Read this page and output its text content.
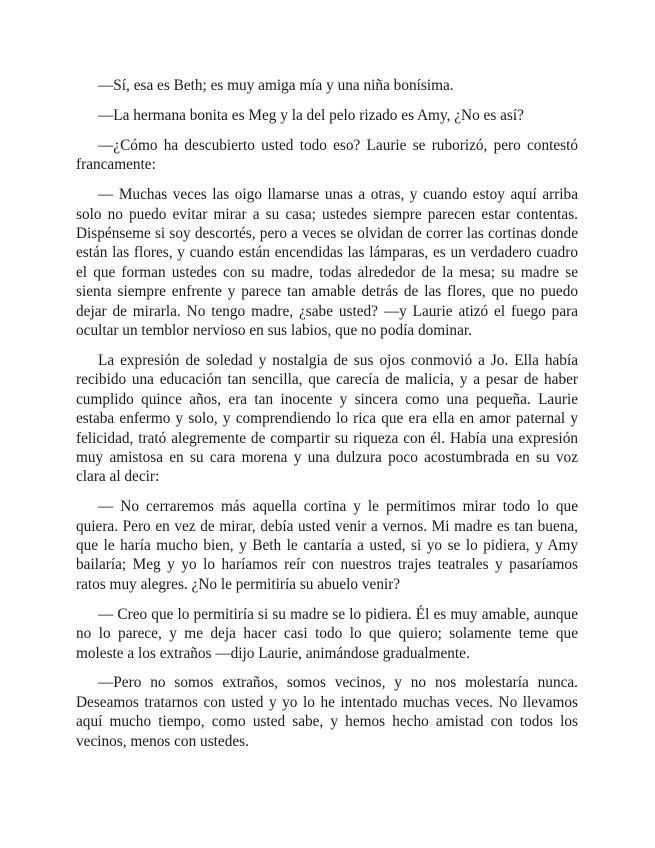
—Sí, esa es Beth; es muy amiga mía y una niña bonísima.

—La hermana bonita es Meg y la del pelo rizado es Amy, ¿No es así?

—¿Cómo ha descubierto usted todo eso? Laurie se ruborizó, pero contestó francamente:

— Muchas veces las oigo llamarse unas a otras, y cuando estoy aquí arriba solo no puedo evitar mirar a su casa; ustedes siempre parecen estar contentas. Dispénseme si soy descortés, pero a veces se olvidan de correr las cortinas donde están las flores, y cuando están encendidas las lámparas, es un verdadero cuadro el que forman ustedes con su madre, todas alrededor de la mesa; su madre se sienta siempre enfrente y parece tan amable detrás de las flores, que no puedo dejar de mirarla. No tengo madre, ¿sabe usted? —y Laurie atizó el fuego para ocultar un temblor nervioso en sus labios, que no podía dominar.

La expresión de soledad y nostalgia de sus ojos conmovió a Jo. Ella había recibido una educación tan sencilla, que carecía de malicia, y a pesar de haber cumplido quince años, era tan inocente y sincera como una pequeña. Laurie estaba enfermo y solo, y comprendiendo lo rica que era ella en amor paternal y felicidad, trató alegremente de compartir su riqueza con él. Había una expresión muy amistosa en su cara morena y una dulzura poco acostumbrada en su voz clara al decir:

— No cerraremos más aquella cortina y le permitimos mirar todo lo que quiera. Pero en vez de mirar, debía usted venir a vernos. Mi madre es tan buena, que le haría mucho bien, y Beth le cantaría a usted, si yo se lo pidiera, y Amy bailaría; Meg y yo lo haríamos reír con nuestros trajes teatrales y pasaríamos ratos muy alegres. ¿No le permitiría su abuelo venir?

— Creo que lo permitiría si su madre se lo pidiera. Él es muy amable, aunque no lo parece, y me deja hacer casi todo lo que quiero; solamente teme que moleste a los extraños —dijo Laurie, animándose gradualmente.

—Pero no somos extraños, somos vecinos, y no nos molestaría nunca. Deseamos tratarnos con usted y yo lo he intentado muchas veces. No llevamos aquí mucho tiempo, como usted sabe, y hemos hecho amistad con todos los vecinos, menos con ustedes.
